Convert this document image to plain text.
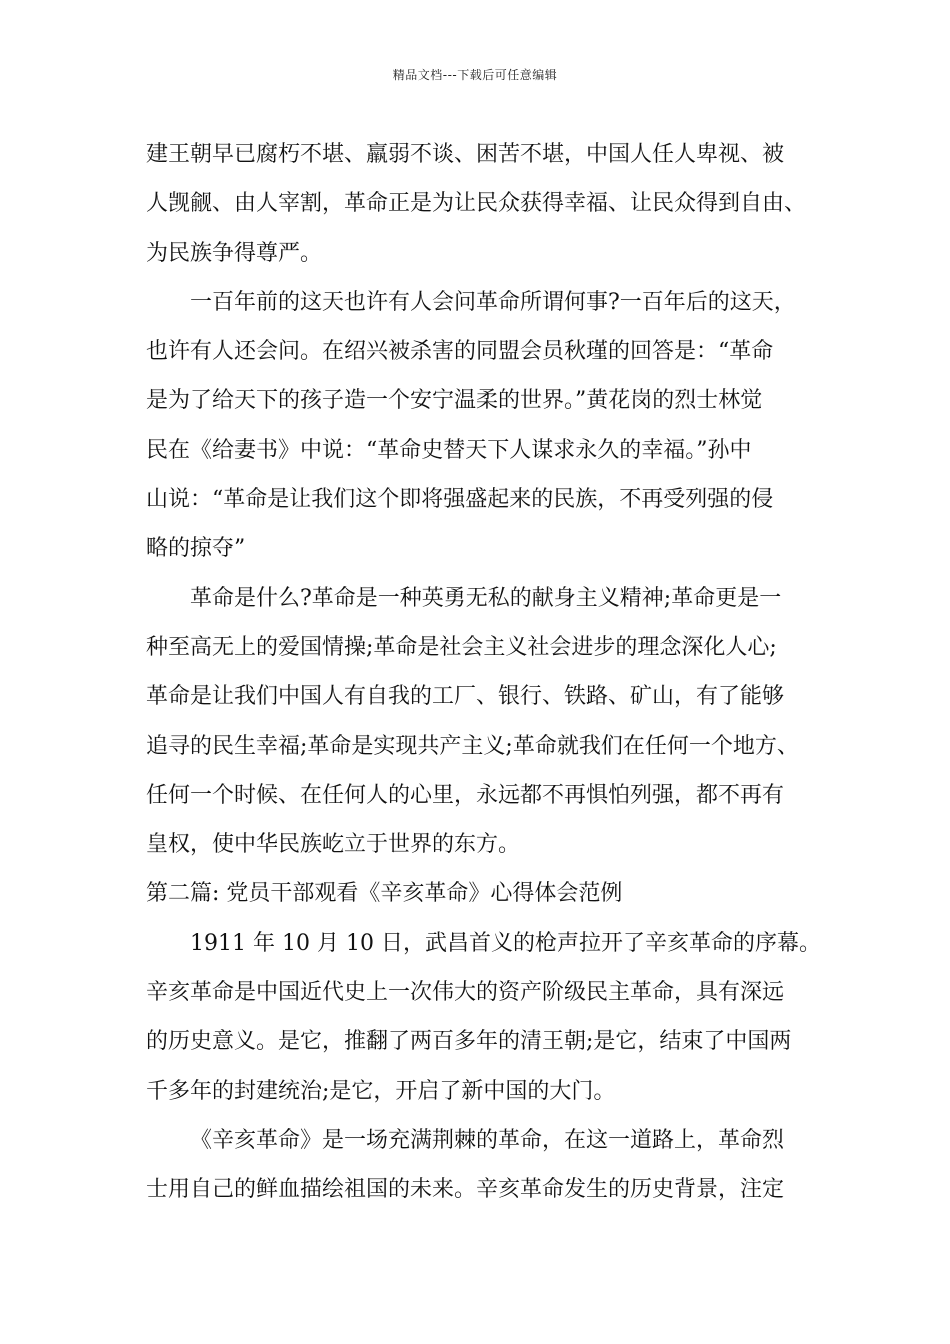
精品文档---下载后可任意编辑
建王朝早已腐朽不堪、羸弱不谈、困苦不堪，中国人任人卑视、被
人觊觎、由人宰割，革命正是为让民众获得幸福、让民众得到自由、
为民族争得尊严。
一百年前的这天也许有人会问革命所谓何事?一百年后的这天，
也许有人还会问。在绍兴被杀害的同盟会员秋瑾的回答是：“革命
是为了给天下的孩子造一个安宁温柔的世界。”黄花岗的烈士林觉
民在《给妻书》中说：“革命史替天下人谋求永久的幸福。”孙中
山说：“革命是让我们这个即将强盛起来的民族，不再受列强的侵
略的掠夺”
革命是什么?革命是一种英勇无私的献身主义精神;革命更是一
种至高无上的爱国情操;革命是社会主义社会进步的理念深化人心;
革命是让我们中国人有自我的工厂、银行、铁路、矿山，有了能够
追寻的民生幸福;革命是实现共产主义;革命就我们在任何一个地方、
任何一个时候、在任何人的心里，永远都不再惧怕列强，都不再有
皇权，使中华民族屹立于世界的东方。
第二篇: 党员干部观看《辛亥革命》心得体会范例
1911 年 10 月 10 日，武昌首义的枪声拉开了辛亥革命的序幕。
辛亥革命是中国近代史上一次伟大的资产阶级民主革命，具有深远
的历史意义。是它，推翻了两百多年的清王朝;是它，结束了中国两
千多年的封建统治;是它，开启了新中国的大门。
《辛亥革命》是一场充满荆棘的革命，在这一道路上，革命烈
士用自己的鲜血描绘祖国的未来。辛亥革命发生的历史背景，注定
